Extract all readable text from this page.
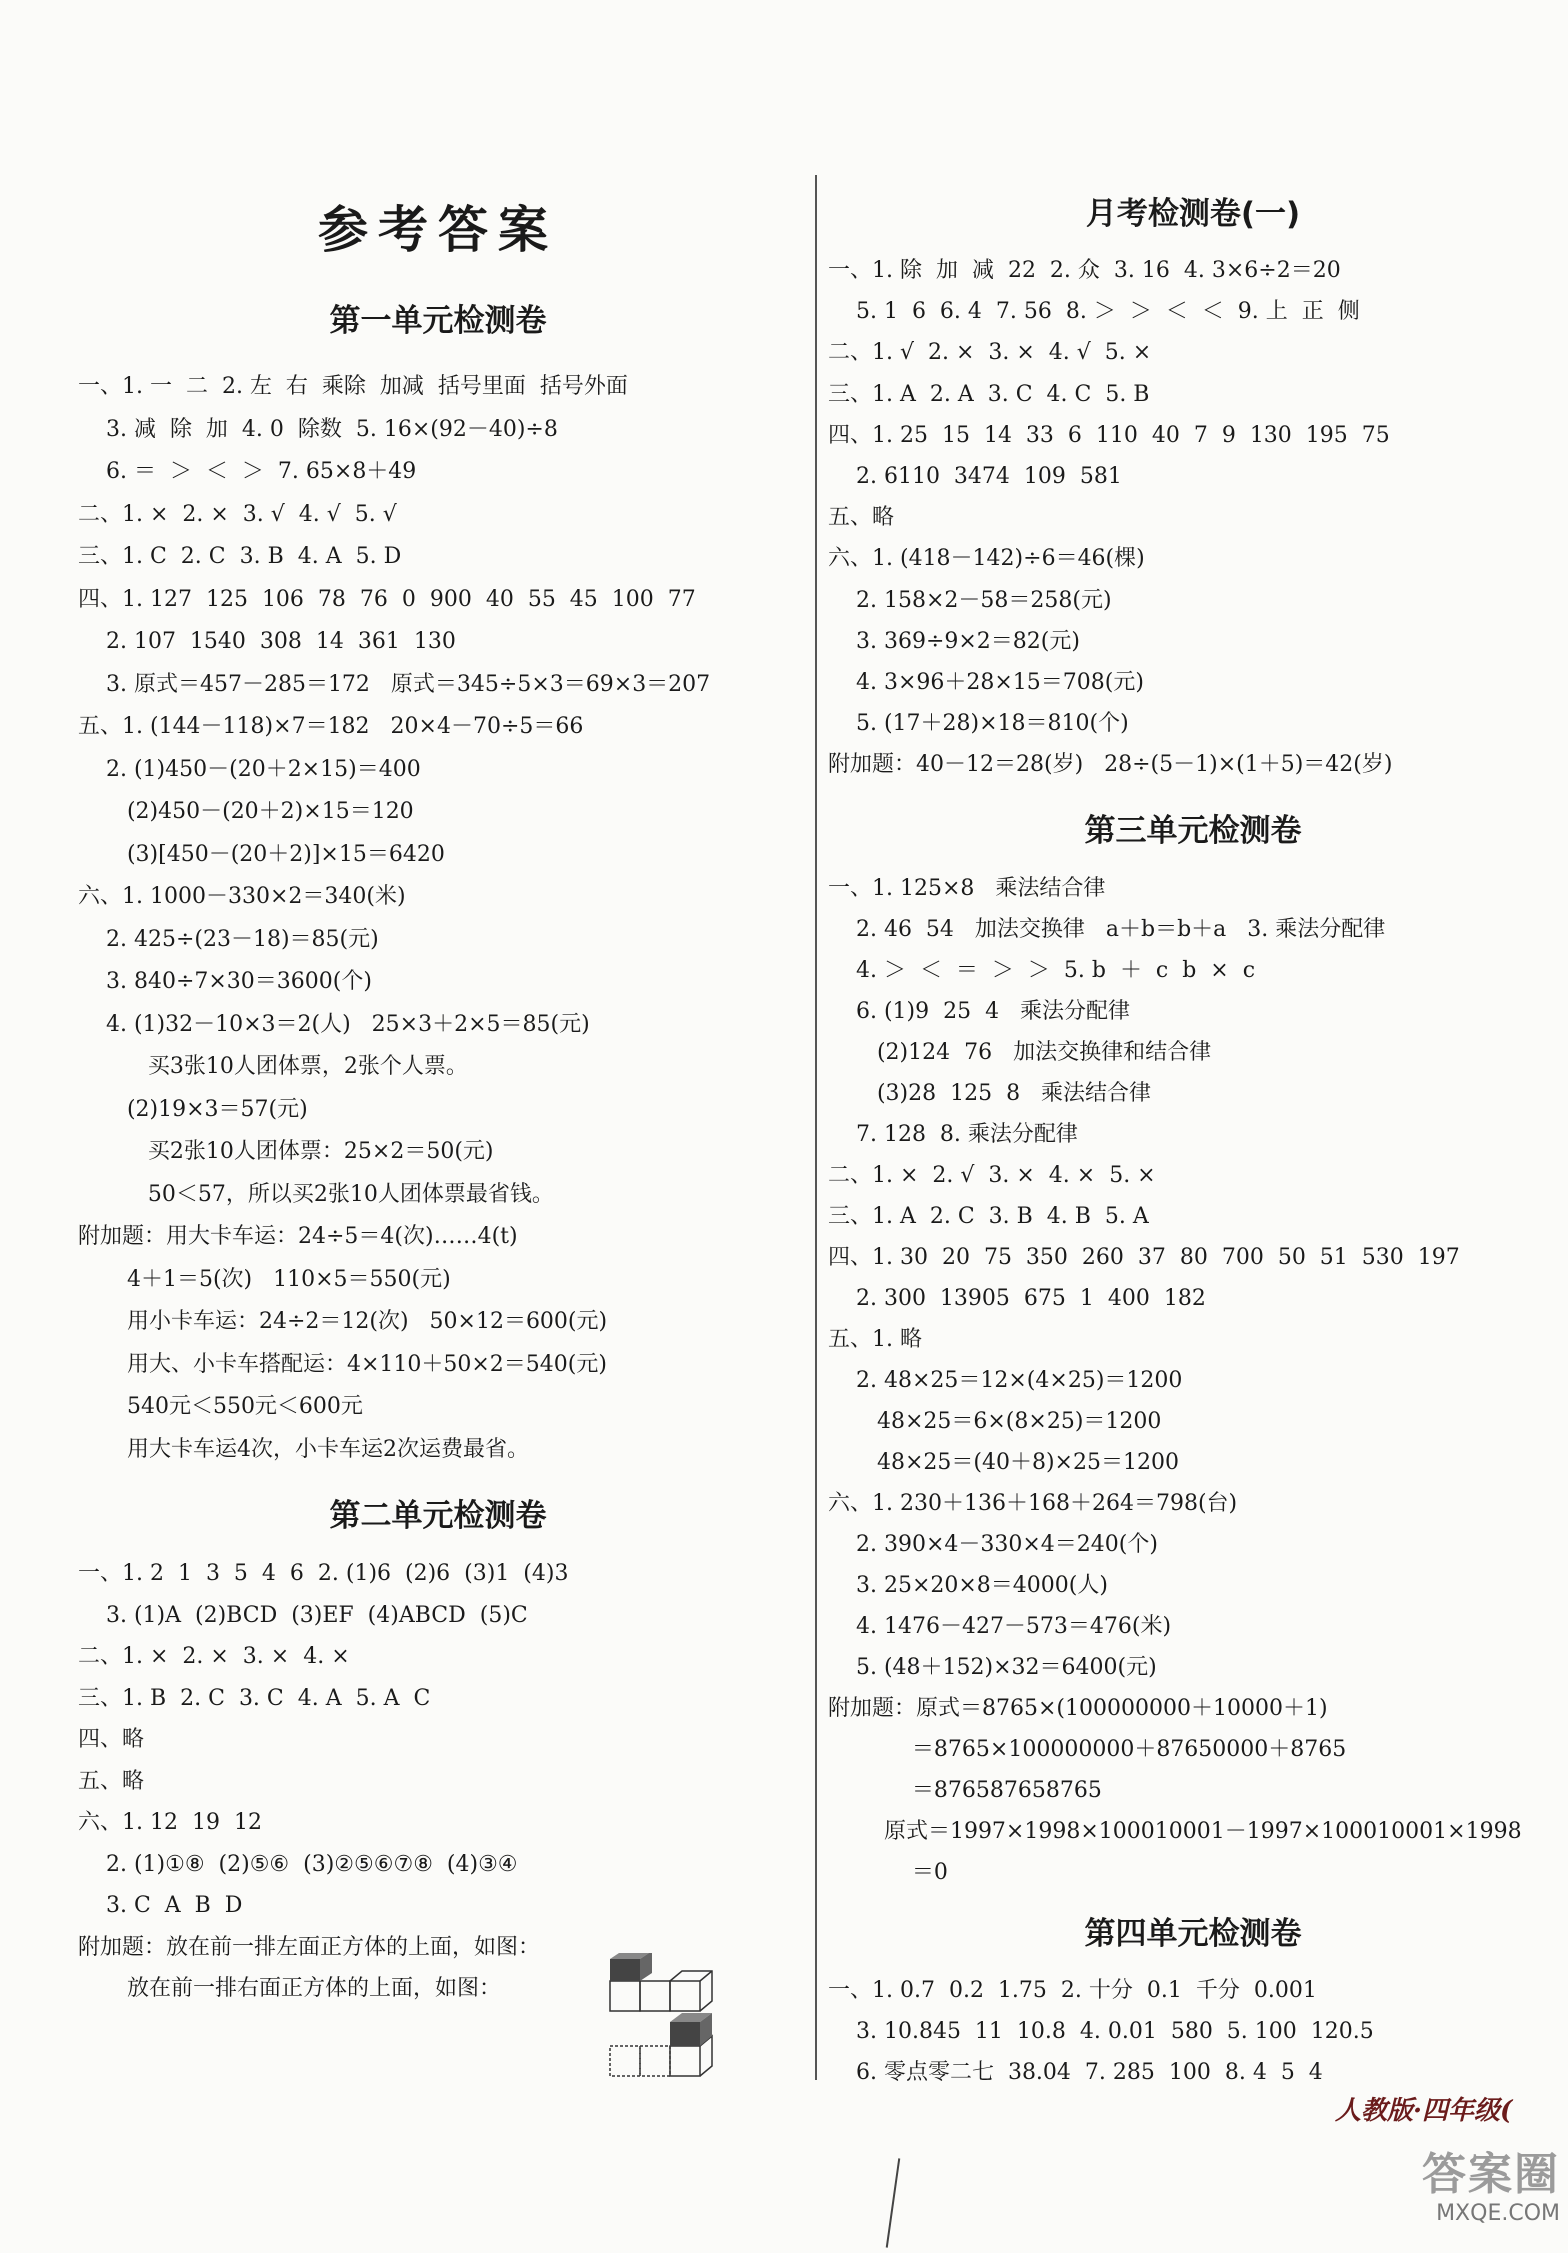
参考答案
第一单元检测卷
一、1. 一  二  2. 左  右  乘除  加减  括号里面  括号外面
3. 减  除  加  4. 0  除数  5. 16×(92－40)÷8
6. ＝  ＞  ＜  ＞  7. 65×8＋49
二、1. ×  2. ×  3. √  4. √  5. √
三、1. C  2. C  3. B  4. A  5. D
四、1. 127  125  106  78  76  0  900  40  55  45  100  77
2. 107  1540  308  14  361  130
3. 原式＝457－285＝172   原式＝345÷5×3＝69×3＝207
五、1. (144－118)×7＝182   20×4－70÷5＝66
2. (1)450－(20＋2×15)＝400
(2)450－(20＋2)×15＝120
(3)[450－(20＋2)]×15＝6420
六、1. 1000－330×2＝340(米)
2. 425÷(23－18)＝85(元)
3. 840÷7×30＝3600(个)
4. (1)32－10×3＝2(人)   25×3＋2×5＝85(元)
买3张10人团体票，2张个人票。
(2)19×3＝57(元)
买2张10人团体票：25×2＝50(元)
50＜57，所以买2张10人团体票最省钱。
附加题：用大卡车运：24÷5＝4(次)……4(t)
4＋1＝5(次)   110×5＝550(元)
用小卡车运：24÷2＝12(次)   50×12＝600(元)
用大、小卡车搭配运：4×110＋50×2＝540(元)
540元＜550元＜600元
用大卡车运4次，小卡车运2次运费最省。
第二单元检测卷
一、1. 2  1  3  5  4  6  2. (1)6  (2)6  (3)1  (4)3
3. (1)A  (2)BCD  (3)EF  (4)ABCD  (5)C
二、1. ×  2. ×  3. ×  4. ×
三、1. B  2. C  3. C  4. A  5. A  C
四、略
五、略
六、1. 12  19  12
2. (1)①⑧  (2)⑤⑥  (3)②⑤⑥⑦⑧  (4)③④
3. C  A  B  D
附加题：放在前一排左面正方体的上面，如图：
放在前一排右面正方体的上面，如图：
月考检测卷(一)
一、1. 除  加  减  22  2. 众  3. 16  4. 3×6÷2＝20
5. 1  6  6. 4  7. 56  8. ＞  ＞  ＜  ＜  9. 上  正  侧
二、1. √  2. ×  3. ×  4. √  5. ×
三、1. A  2. A  3. C  4. C  5. B
四、1. 25  15  14  33  6  110  40  7  9  130  195  75
2. 6110  3474  109  581
五、略
六、1. (418－142)÷6＝46(棵)
2. 158×2－58＝258(元)
3. 369÷9×2＝82(元)
4. 3×96＋28×15＝708(元)
5. (17＋28)×18＝810(个)
附加题：40－12＝28(岁)   28÷(5－1)×(1＋5)＝42(岁)
第三单元检测卷
一、1. 125×8   乘法结合律
2. 46  54   加法交换律   a＋b＝b＋a   3. 乘法分配律
4. ＞  ＜  ＝  ＞  ＞  5. b  ＋  c  b  ×  c
6. (1)9  25  4   乘法分配律
(2)124  76   加法交换律和结合律
(3)28  125  8   乘法结合律
7. 128  8. 乘法分配律
二、1. ×  2. √  3. ×  4. ×  5. ×
三、1. A  2. C  3. B  4. B  5. A
四、1. 30  20  75  350  260  37  80  700  50  51  530  197
2. 300  13905  675  1  400  182
五、1. 略
2. 48×25＝12×(4×25)＝1200
48×25＝6×(8×25)＝1200
48×25＝(40＋8)×25＝1200
六、1. 230＋136＋168＋264＝798(台)
2. 390×4－330×4＝240(个)
3. 25×20×8＝4000(人)
4. 1476－427－573＝476(米)
5. (48＋152)×32＝6400(元)
附加题：原式＝8765×(100000000＋10000＋1)
＝8765×100000000＋87650000＋8765
＝876587658765
原式＝1997×1998×100010001－1997×100010001×1998
＝0
第四单元检测卷
一、1. 0.7  0.2  1.75  2. 十分  0.1  千分  0.001
3. 10.845  11  10.8  4. 0.01  580  5. 100  120.5
6. 零点零二七  38.04  7. 285  100  8. 4  5  4
人教版·四年级(
答案圈
MXQE.COM
